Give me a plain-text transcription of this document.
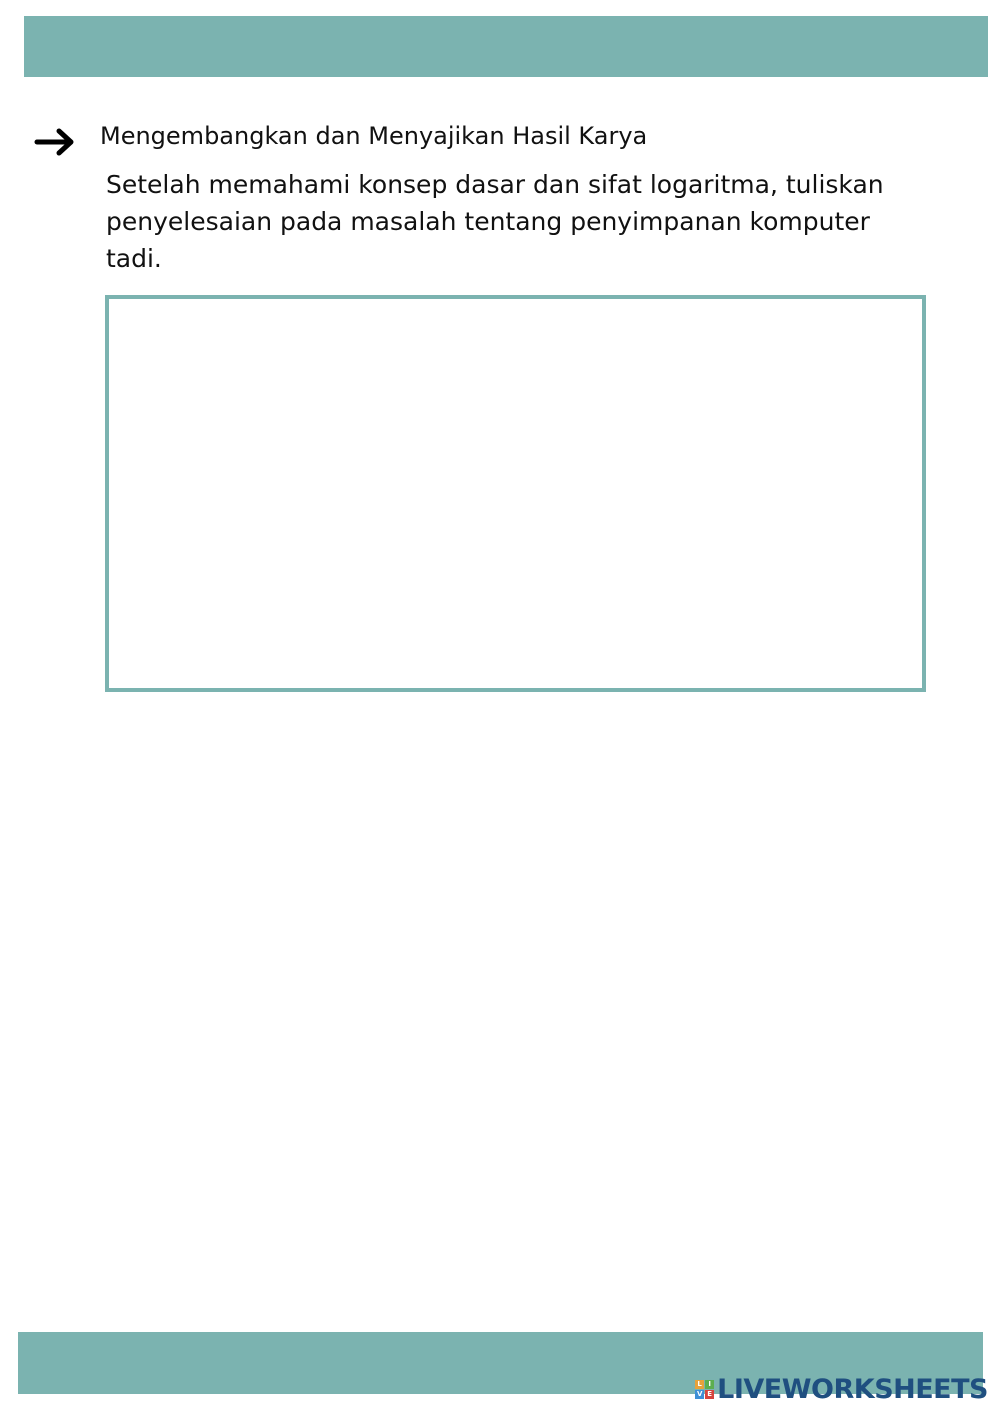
Mengembangkan dan Menyajikan Hasil Karya

Setelah memahami konsep dasar dan sifat logaritma, tuliskan penyelesaian pada masalah tentang penyimpanan komputer tadi.

L I
V E LIVEWORKSHEETS
